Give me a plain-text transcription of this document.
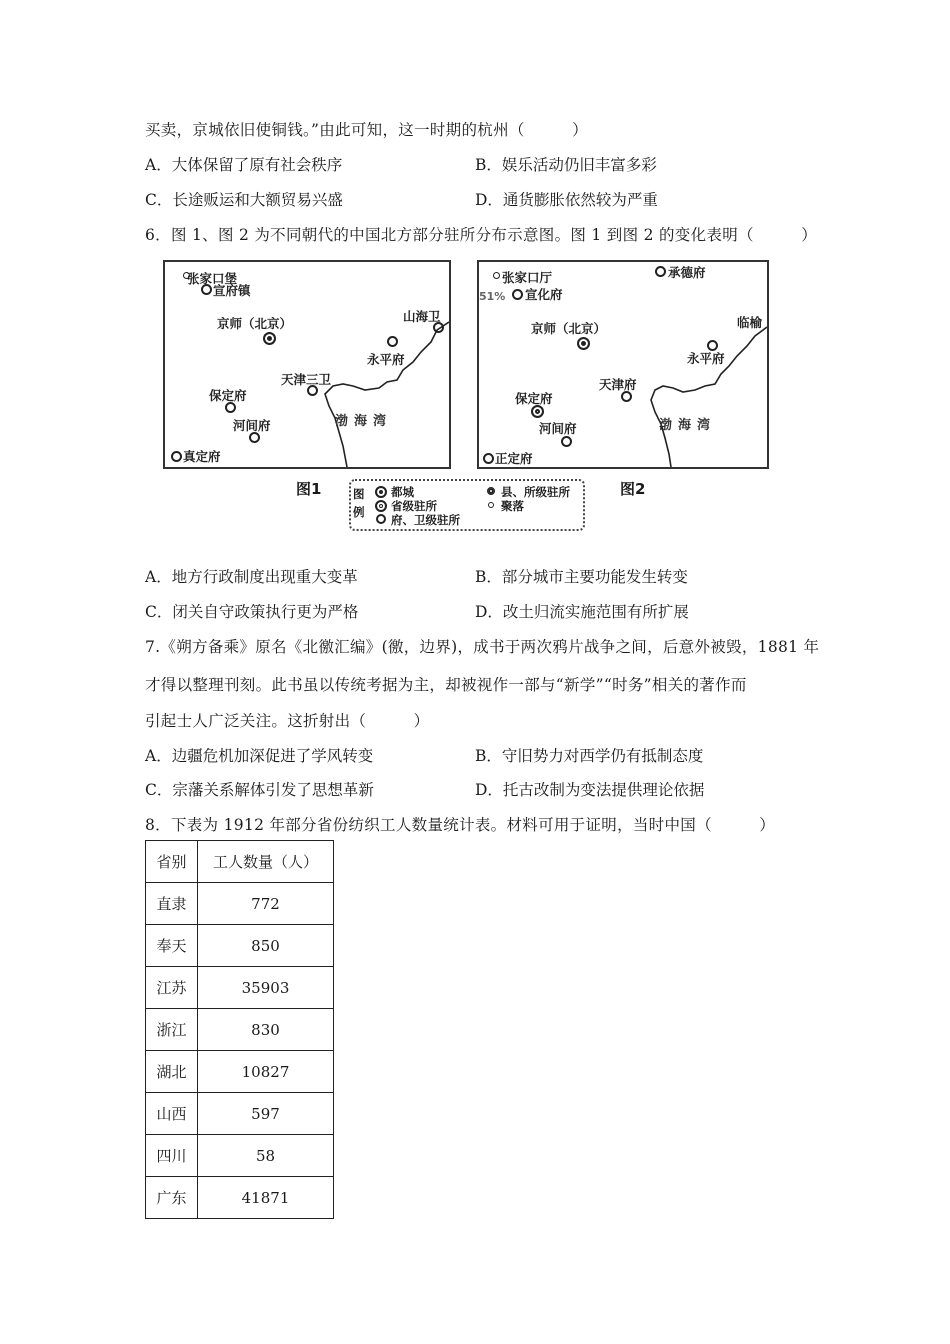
买卖，京城依旧使铜钱。”由此可知，这一时期的杭州（　　　）
A．大体保留了原有社会秩序	B．娱乐活动仍旧丰富多彩
C．长途贩运和大额贸易兴盛	D．通货膨胀依然较为严重
6．图 1、图 2 为不同朝代的中国北方部分驻所分布示意图。图 1 到图 2 的变化表明（　　　）
张家口堡
宣府镇
京师（北京）	山海卫
永平府
天津三卫
保定府
河间府
真定府
渤海湾
张家口厅
51% 宣化府
承德府
京师（北京）	临榆
永平府
天津府
保定府
河间府
正定府
渤海湾
图1	图2
图例
都城
省级驻所
府、卫级驻所
县、所级驻所
聚落
A．地方行政制度出现重大变革	B．部分城市主要功能发生转变
C．闭关自守政策执行更为严格	D．改土归流实施范围有所扩展
7.《朔方备乘》原名《北徼汇编》(徼，边界)，成书于两次鸦片战争之间，后意外被毁，1881 年
才得以整理刊刻。此书虽以传统考据为主，却被视作一部与“新学”“时务”相关的著作而
引起士人广泛关注。这折射出（　　　）
A．边疆危机加深促进了学风转变	B．守旧势力对西学仍有抵制态度
C．宗藩关系解体引发了思想革新	D．托古改制为变法提供理论依据
8．下表为 1912 年部分省份纺织工人数量统计表。材料可用于证明，当时中国（　　　）
省别	工人数量（人）
直隶	772
奉天	850
江苏	35903
浙江	830
湖北	10827
山西	597
四川	58
广东	41871
